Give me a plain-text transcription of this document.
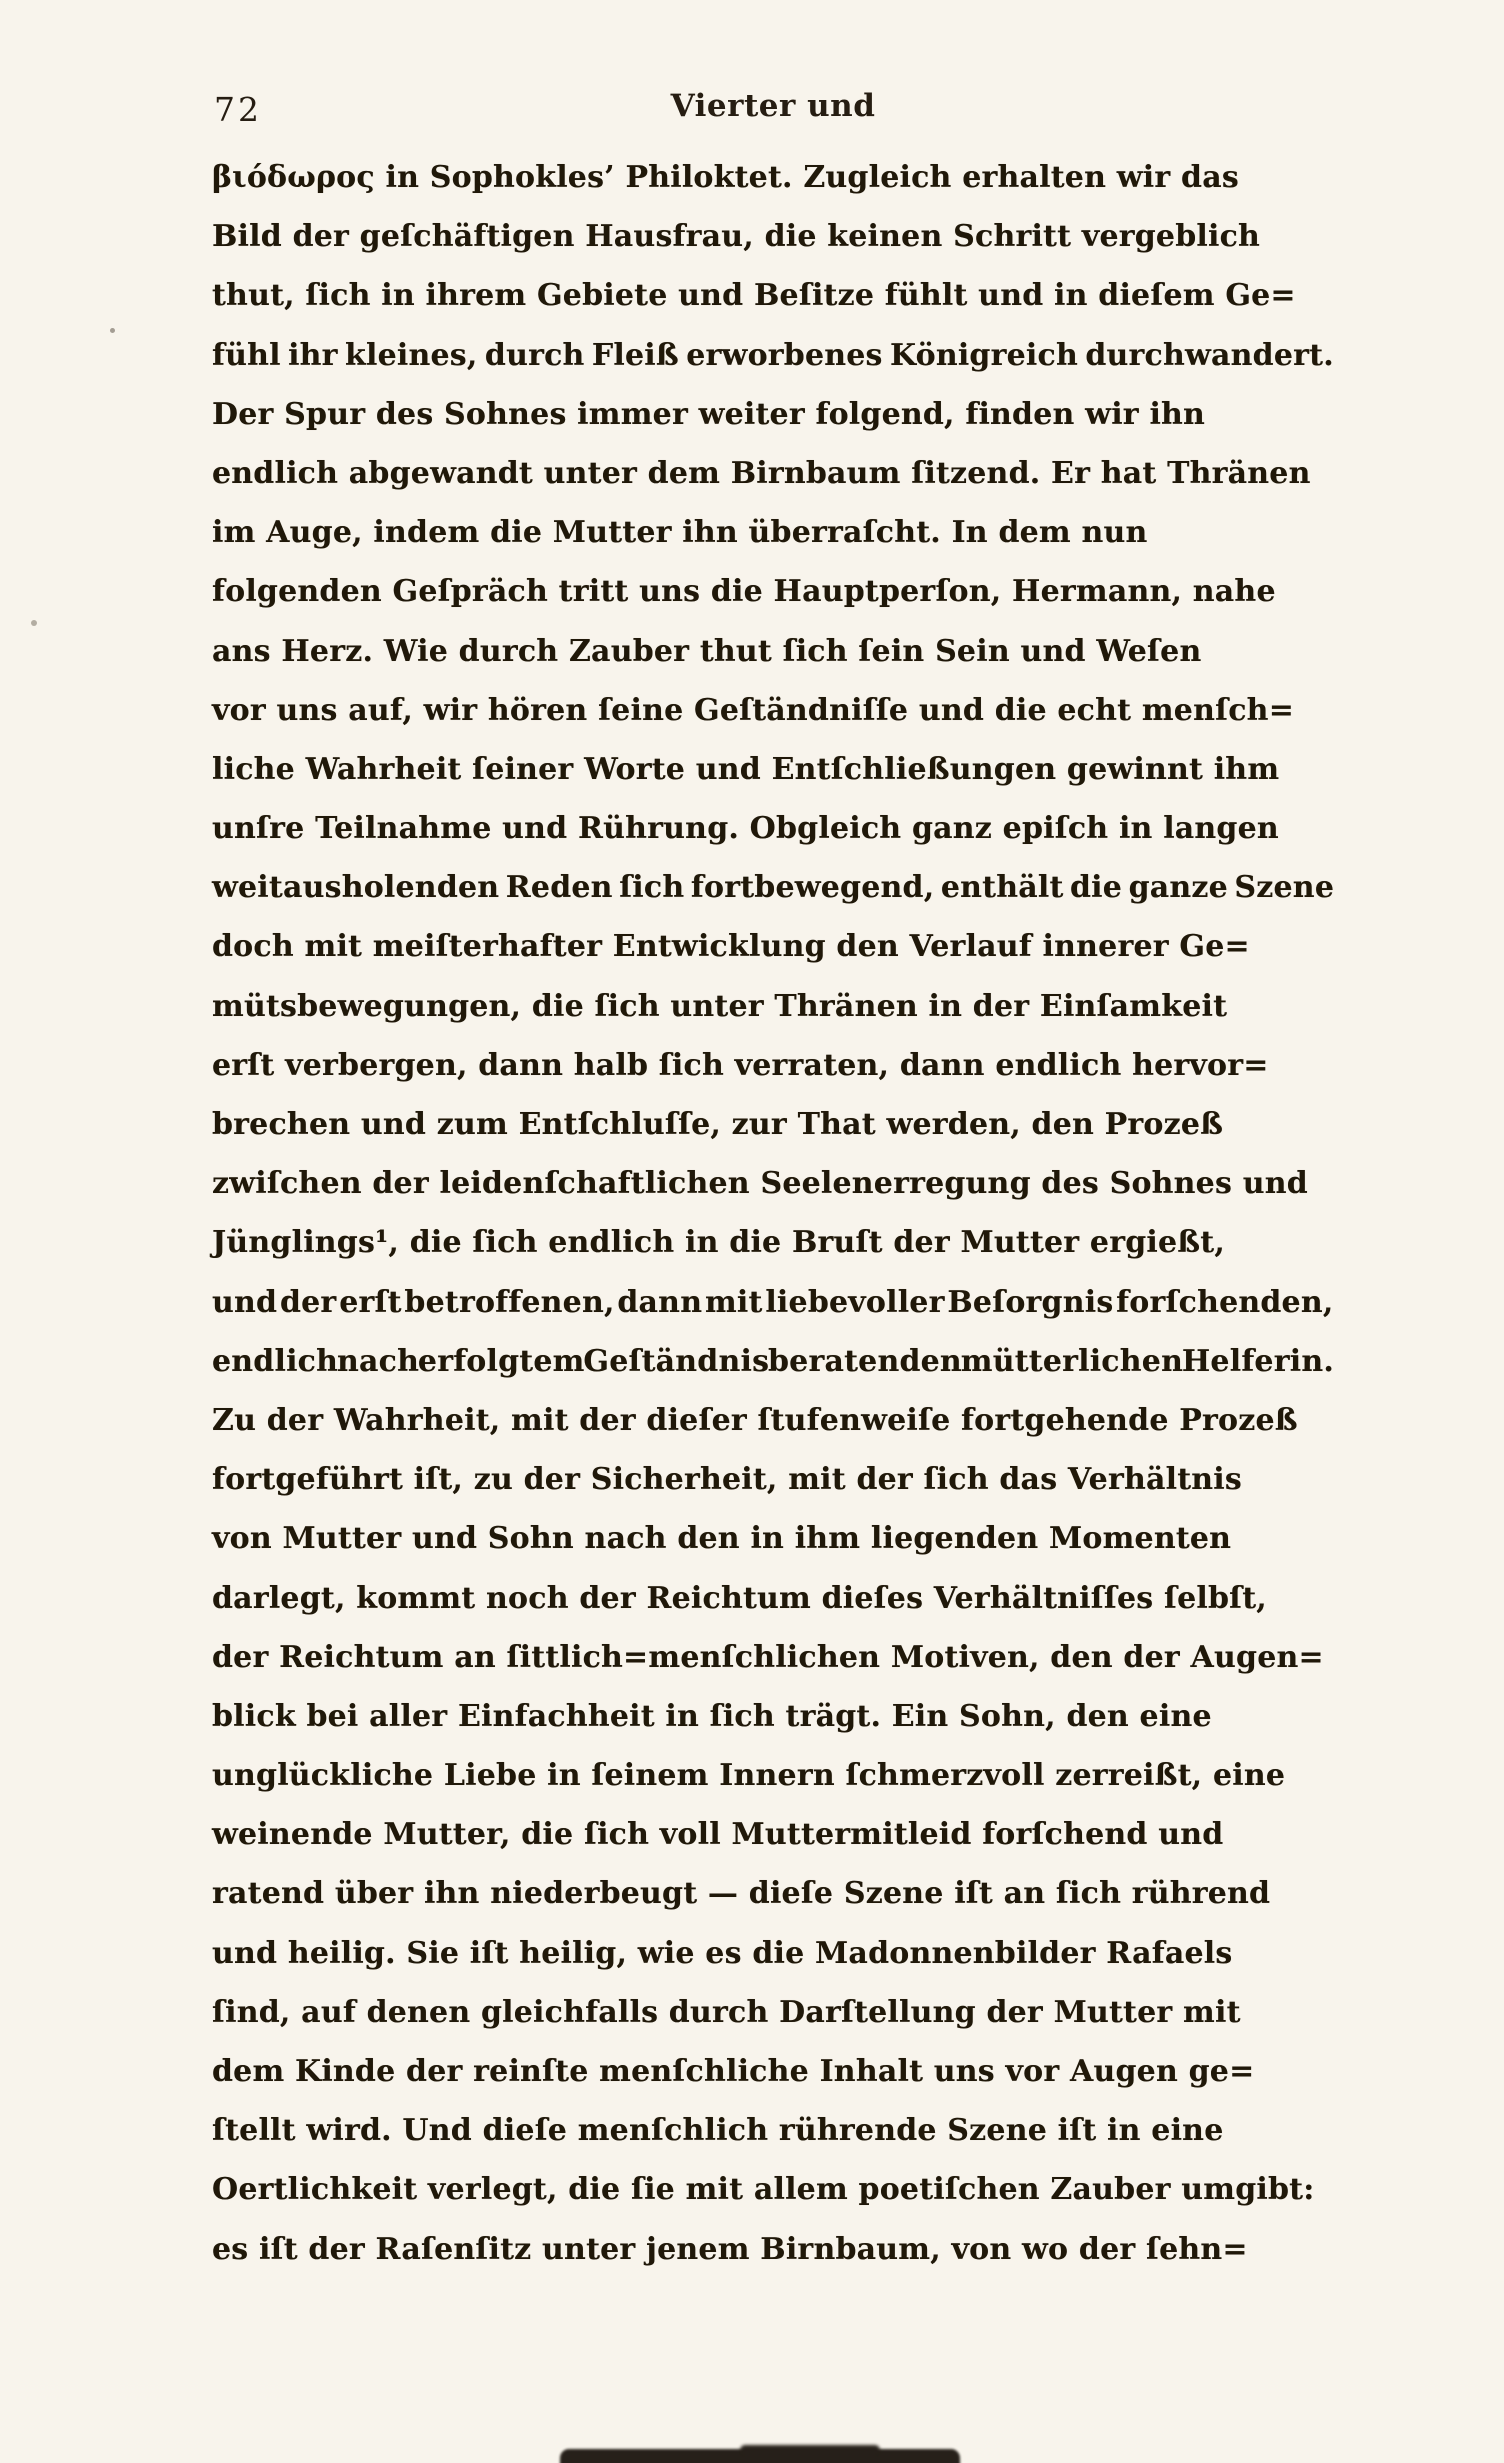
72	Vierter und
βιόδωρος in Sophokles’ Philoktet. Zugleich erhalten wir das
Bild der geſchäftigen Hausfrau, die keinen Schritt vergeblich
thut, ſich in ihrem Gebiete und Beſitze fühlt und in dieſem Ge=
fühl ihr kleines, durch Fleiß erworbenes Königreich durchwandert.
Der Spur des Sohnes immer weiter folgend, finden wir ihn
endlich abgewandt unter dem Birnbaum ſitzend. Er hat Thränen
im Auge, indem die Mutter ihn überraſcht. In dem nun
folgenden Geſpräch tritt uns die Hauptperſon, Hermann, nahe
ans Herz. Wie durch Zauber thut ſich ſein Sein und Weſen
vor uns auf, wir hören ſeine Geſtändniſſe und die echt menſch=
liche Wahrheit ſeiner Worte und Entſchließungen gewinnt ihm
unſre Teilnahme und Rührung. Obgleich ganz epiſch in langen
weitausholenden Reden ſich fortbewegend, enthält die ganze Szene
doch mit meiſterhafter Entwicklung den Verlauf innerer Ge=
mütsbewegungen, die ſich unter Thränen in der Einſamkeit
erſt verbergen, dann halb ſich verraten, dann endlich hervor=
brechen und zum Entſchluſſe, zur That werden, den Prozeß
zwiſchen der leidenſchaftlichen Seelenerregung des Sohnes und
Jünglings¹, die ſich endlich in die Bruſt der Mutter ergießt,
und der erſt betroffenen, dann mit liebevoller Beſorgnis forſchenden,
endlich nach erfolgtem Geſtändnis beratenden mütterlichen Helferin.
Zu der Wahrheit, mit der dieſer ſtufenweiſe fortgehende Prozeß
fortgeführt iſt, zu der Sicherheit, mit der ſich das Verhältnis
von Mutter und Sohn nach den in ihm liegenden Momenten
darlegt, kommt noch der Reichtum dieſes Verhältniſſes ſelbſt,
der Reichtum an ſittlich=menſchlichen Motiven, den der Augen=
blick bei aller Einfachheit in ſich trägt. Ein Sohn, den eine
unglückliche Liebe in ſeinem Innern ſchmerzvoll zerreißt, eine
weinende Mutter, die ſich voll Muttermitleid forſchend und
ratend über ihn niederbeugt — dieſe Szene iſt an ſich rührend
und heilig. Sie iſt heilig, wie es die Madonnenbilder Rafaels
ſind, auf denen gleichfalls durch Darſtellung der Mutter mit
dem Kinde der reinſte menſchliche Inhalt uns vor Augen ge=
ſtellt wird. Und dieſe menſchlich rührende Szene iſt in eine
Oertlichkeit verlegt, die ſie mit allem poetiſchen Zauber umgibt:
es iſt der Raſenſitz unter jenem Birnbaum, von wo der ſehn=
